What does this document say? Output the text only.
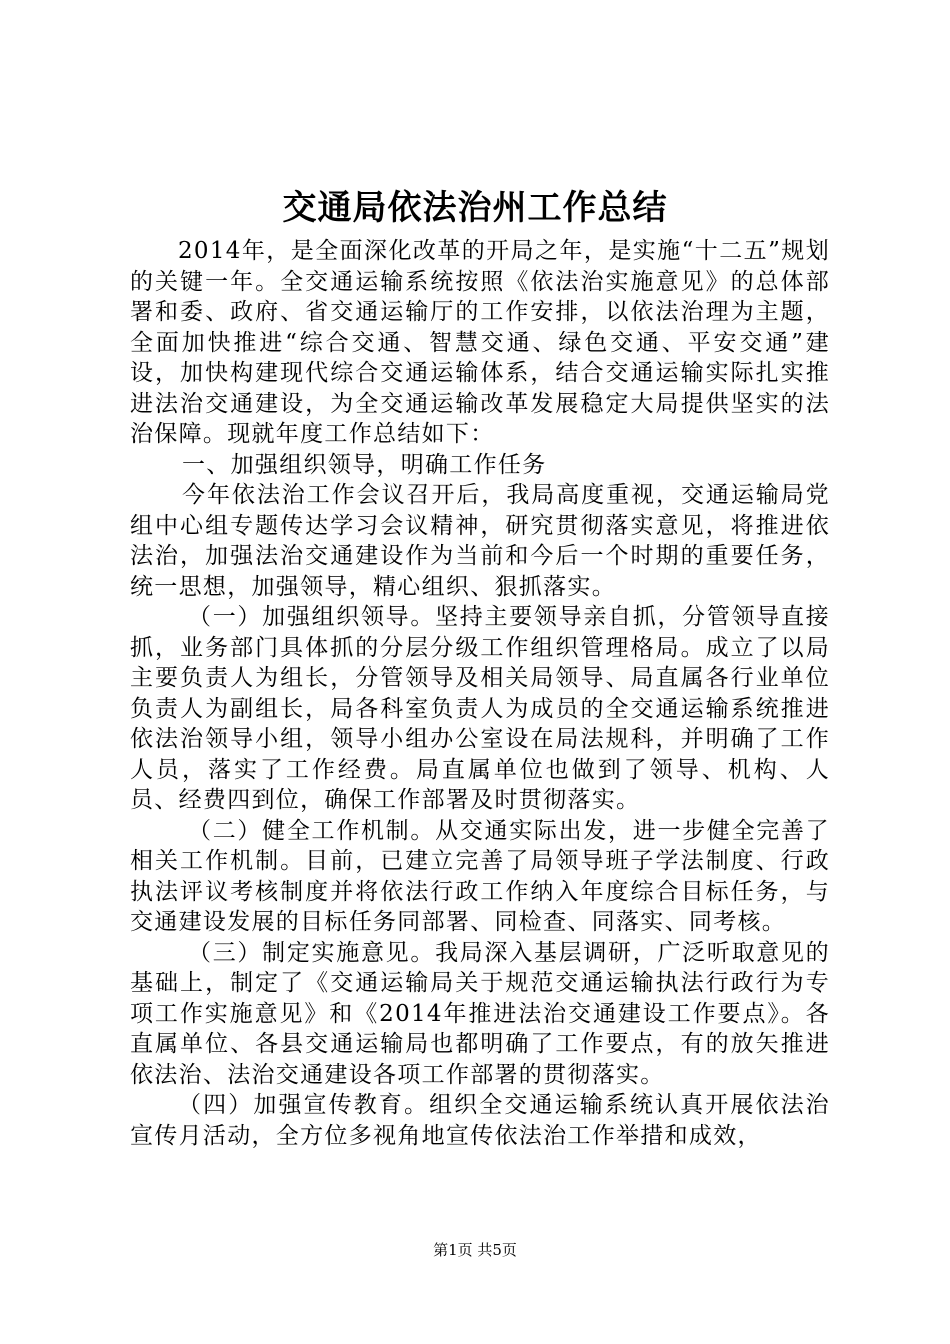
交通局依法治州工作总结

2014年，是全面深化改革的开局之年，是实施“十二五”规划的关键一年。全交通运输系统按照《依法治实施意见》的总体部署和委、政府、省交通运输厅的工作安排，以依法治理为主题，全面加快推进“综合交通、智慧交通、绿色交通、平安交通”建设，加快构建现代综合交通运输体系，结合交通运输实际扎实推进法治交通建设，为全交通运输改革发展稳定大局提供坚实的法治保障。现就年度工作总结如下：

一、加强组织领导，明确工作任务

今年依法治工作会议召开后，我局高度重视，交通运输局党组中心组专题传达学习会议精神，研究贯彻落实意见，将推进依法治，加强法治交通建设作为当前和今后一个时期的重要任务，统一思想，加强领导，精心组织、狠抓落实。

（一）加强组织领导。坚持主要领导亲自抓，分管领导直接抓，业务部门具体抓的分层分级工作组织管理格局。成立了以局主要负责人为组长，分管领导及相关局领导、局直属各行业单位负责人为副组长，局各科室负责人为成员的全交通运输系统推进依法治领导小组，领导小组办公室设在局法规科，并明确了工作人员，落实了工作经费。局直属单位也做到了领导、机构、人员、经费四到位，确保工作部署及时贯彻落实。

（二）健全工作机制。从交通实际出发，进一步健全完善了相关工作机制。目前，已建立完善了局领导班子学法制度、行政执法评议考核制度并将依法行政工作纳入年度综合目标任务，与交通建设发展的目标任务同部署、同检查、同落实、同考核。

（三）制定实施意见。我局深入基层调研，广泛听取意见的基础上，制定了《交通运输局关于规范交通运输执法行政行为专项工作实施意见》和《2014年推进法治交通建设工作要点》。各直属单位、各县交通运输局也都明确了工作要点，有的放矢推进依法治、法治交通建设各项工作部署的贯彻落实。

（四）加强宣传教育。组织全交通运输系统认真开展依法治宣传月活动，全方位多视角地宣传依法治工作举措和成效，

第1页 共5页
